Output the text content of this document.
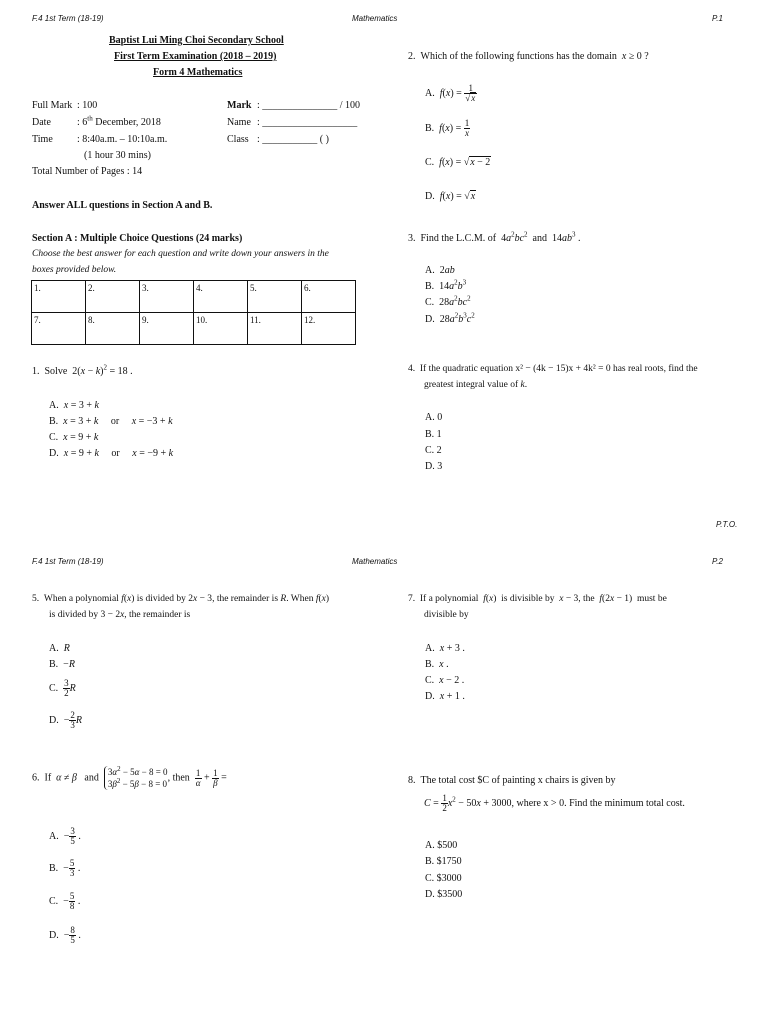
F.4 1st Term (18-19)	Mathematics	P.1
Baptist Lui Ming Choi Secondary School
First Term Examination (2018 – 2019)
Form 4 Mathematics
Full Mark : 100
Date	: 6th December, 2018
Time : 8:40a.m. – 10:10a.m.
(1 hour 30 mins)
Total Number of Pages : 14
Mark : _______________ / 100
Name : ___________________
Class : ___________ ( )
Answer ALL questions in Section A and B.
Section A : Multiple Choice Questions (24 marks)
Choose the best answer for each question and write down your answers in the
boxes provided below.
1.	2.	3.	4.	5.	6.
7.	8.	9.	10.	11.	12.
1. Solve $2(x - k)^2 = 18$ .
A. x = 3 + k
B. x = 3 + k or x = −3 + k
C. x = 9 + k
D. x = 9 + k or x = −9 + k
2. Which of the following functions has the domain x ≥ 0 ?
A. $f(x) = \frac{1}{√x}$
B. $f(x) = \frac{1}{x}$
C. f(x) = √x − 2
D. f(x) = √x
3. Find the L.C.M. of  $4a^2bc^2$ and  $14ab^3$ .
A.  2ab
B.  $14a^2b^3$
C.  $28a^2bc^2$
D.  $28a^2b^3c^2$
4. If the quadratic equation x² − (4k − 15)x + 4k² = 0 has real roots, find the
greatest integral value of k.
A. 0
B. 1
C. 2
D. 3
P.T.O.
F.4 1st Term (18-19)	Mathematics	P.2
5. When a polynomial f(x) is divided by 2x − 3, the remainder is R. When f(x)
is divided by 3 − 2x, the remainder is
A. R
B.  −R
C. $\frac{3}{2}$ R
D.  − $\frac{2}{3}$ R
6. If α ≠ β and  $3\alpha^2 - 5\alpha - 8 = 0$
$3\beta^2 - 5\beta - 8 = 0$, then $\frac{1}{\alpha} + \frac{1}{\beta}$ =
A.  − $\frac{3}{5}$ .
B.  − $\frac{5}{3}$ .
C.  − $\frac{5}{8}$ .
D.  − $\frac{8}{5}$ .
7. If a polynomial f(x)  is divisible by x − 3, the f(2x − 1)  must be
divisible by
A. x + 3 .
B. x .
C. x − 2 .
D. x + 1 .
8. The total cost $C of painting x chairs is given by
$C = \frac{1}{2} x^2 - 50x + 3000$, where x > 0. Find the minimum total cost.
A. $500
B. $1750
C. $3000
D. $3500
